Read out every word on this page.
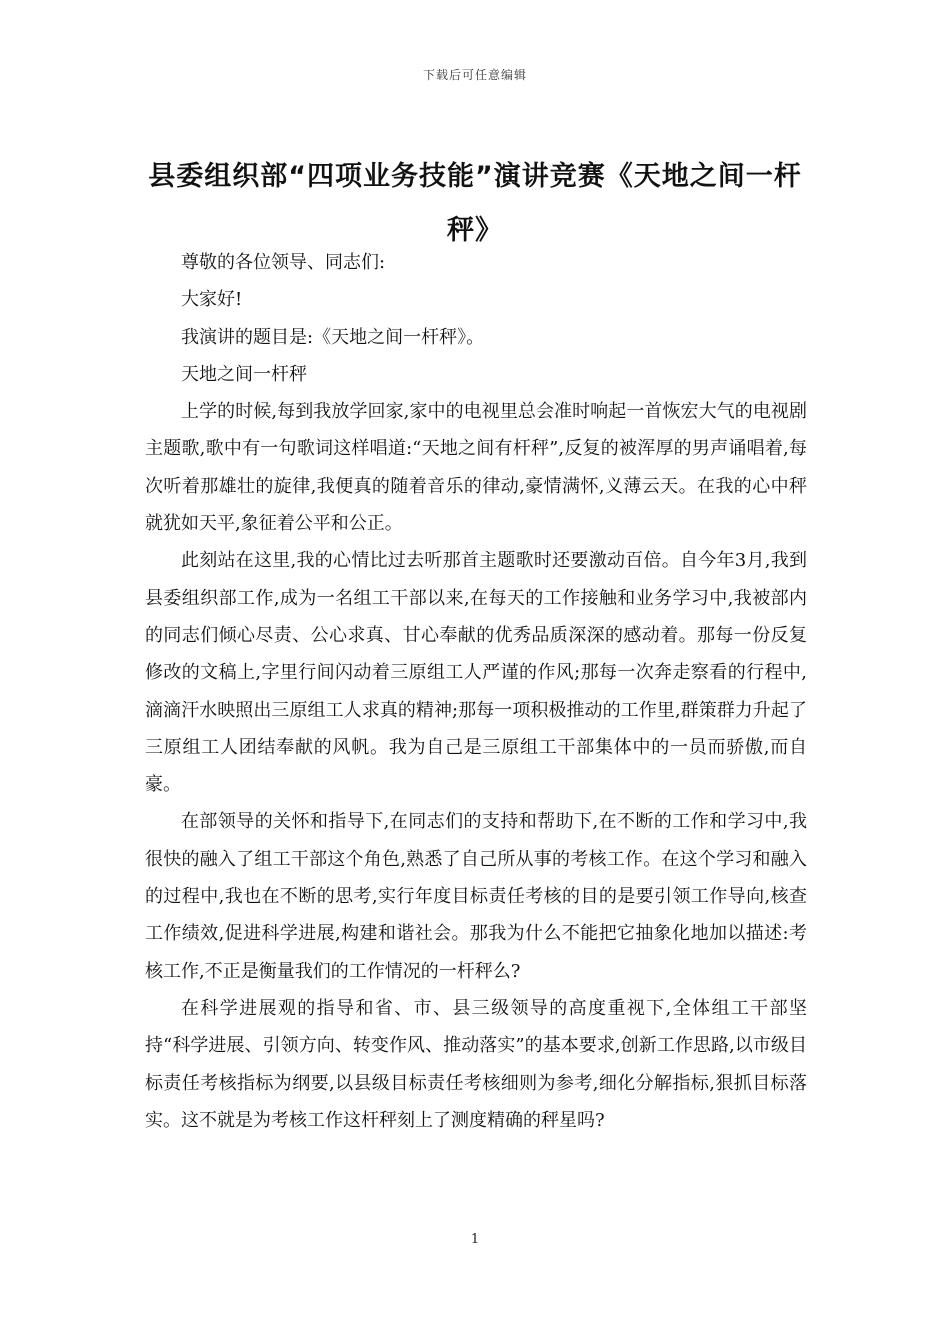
下载后可任意编辑
县委组织部“四项业务技能”演讲竞赛《天地之间一杆秤》

尊敬的各位领导、同志们:

大家好!

我演讲的题目是:《天地之间一杆秤》。

天地之间一杆秤

上学的时候,每到我放学回家,家中的电视里总会准时响起一首恢宏大气的电视剧主题歌,歌中有一句歌词这样唱道:“天地之间有杆秤”,反复的被浑厚的男声诵唱着,每次听着那雄壮的旋律,我便真的随着音乐的律动,豪情满怀,义薄云天。在我的心中秤就犹如天平,象征着公平和公正。

此刻站在这里,我的心情比过去听那首主题歌时还要激动百倍。自今年3月,我到县委组织部工作,成为一名组工干部以来,在每天的工作接触和业务学习中,我被部内的同志们倾心尽责、公心求真、甘心奉献的优秀品质深深的感动着。那每一份反复修改的文稿上,字里行间闪动着三原组工人严谨的作风;那每一次奔走察看的行程中,滴滴汗水映照出三原组工人求真的精神;那每一项积极推动的工作里,群策群力升起了三原组工人团结奉献的风帆。我为自己是三原组工干部集体中的一员而骄傲,而自豪。

在部领导的关怀和指导下,在同志们的支持和帮助下,在不断的工作和学习中,我很快的融入了组工干部这个角色,熟悉了自己所从事的考核工作。在这个学习和融入的过程中,我也在不断的思考,实行年度目标责任考核的目的是要引领工作导向,核查工作绩效,促进科学进展,构建和谐社会。那我为什么不能把它抽象化地加以描述:考核工作,不正是衡量我们的工作情况的一杆秤么?

在科学进展观的指导和省、市、县三级领导的高度重视下,全体组工干部坚持“科学进展、引领方向、转变作风、推动落实”的基本要求,创新工作思路,以市级目标责任考核指标为纲要,以县级目标责任考核细则为参考,细化分解指标,狠抓目标落实。这不就是为考核工作这杆秤刻上了测度精确的秤星吗?

1
